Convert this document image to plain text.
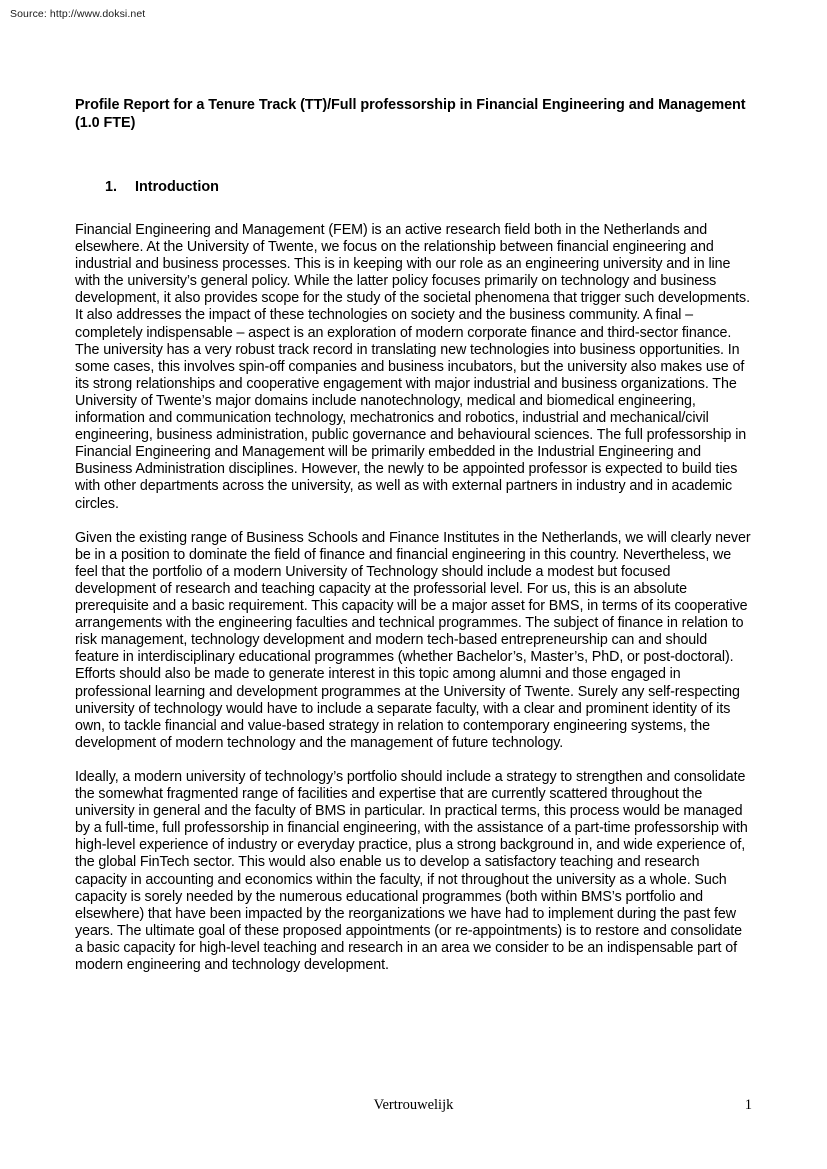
Source: http://www.doksi.net
Profile Report for a Tenure Track (TT)/Full professorship in Financial Engineering and Management (1.0 FTE)
1.	Introduction

Financial Engineering and Management (FEM) is an active research field both in the Netherlands and elsewhere. At the University of Twente, we focus on the relationship between financial engineering and industrial and business processes. This is in keeping with our role as an engineering university and in line with the university’s general policy. While the latter policy focuses primarily on technology and business development, it also provides scope for the study of the societal phenomena that trigger such developments. It also addresses the impact of these technologies on society and the business community. A final – completely indispensable – aspect is an exploration of modern corporate finance and third-sector finance. The university has a very robust track record in translating new technologies into business opportunities. In some cases, this involves spin-off companies and business incubators, but the university also makes use of its strong relationships and cooperative engagement with major industrial and business organizations. The University of Twente’s major domains include nanotechnology, medical and biomedical engineering, information and communication technology, mechatronics and robotics, industrial and mechanical/civil engineering, business administration, public governance and behavioural sciences. The full professorship in Financial Engineering and Management will be primarily embedded in the Industrial Engineering and Business Administration disciplines. However, the newly to be appointed professor is expected to build ties with other departments across the university, as well as with external partners in industry and in academic circles.

Given the existing range of Business Schools and Finance Institutes in the Netherlands, we will clearly never be in a position to dominate the field of finance and financial engineering in this country. Nevertheless, we feel that the portfolio of a modern University of Technology should include a modest but focused development of research and teaching capacity at the professorial level. For us, this is an absolute prerequisite and a basic requirement. This capacity will be a major asset for BMS, in terms of its cooperative arrangements with the engineering faculties and technical programmes. The subject of finance in relation to risk management, technology development and modern tech-based entrepreneurship can and should feature in interdisciplinary educational programmes (whether Bachelor’s, Master’s, PhD, or post-doctoral). Efforts should also be made to generate interest in this topic among alumni and those engaged in professional learning and development programmes at the University of Twente. Surely any self-respecting university of technology would have to include a separate faculty, with a clear and prominent identity of its own, to tackle financial and value-based strategy in relation to contemporary engineering systems, the development of modern technology and the management of future technology.

Ideally, a modern university of technology’s portfolio should include a strategy to strengthen and consolidate the somewhat fragmented range of facilities and expertise that are currently scattered throughout the university in general and the faculty of BMS in particular. In practical terms, this process would be managed by a full-time, full professorship in financial engineering, with the assistance of a part-time professorship with high-level experience of industry or everyday practice, plus a strong background in, and wide experience of, the global FinTech sector. This would also enable us to develop a satisfactory teaching and research capacity in accounting and economics within the faculty, if not throughout the university as a whole. Such capacity is sorely needed by the numerous educational programmes (both within BMS’s portfolio and elsewhere) that have been impacted by the reorganizations we have had to implement during the past few years. The ultimate goal of these proposed appointments (or re-appointments) is to restore and consolidate a basic capacity for high-level teaching and research in an area we consider to be an indispensable part of modern engineering and technology development.

Vertrouwelijk	1
